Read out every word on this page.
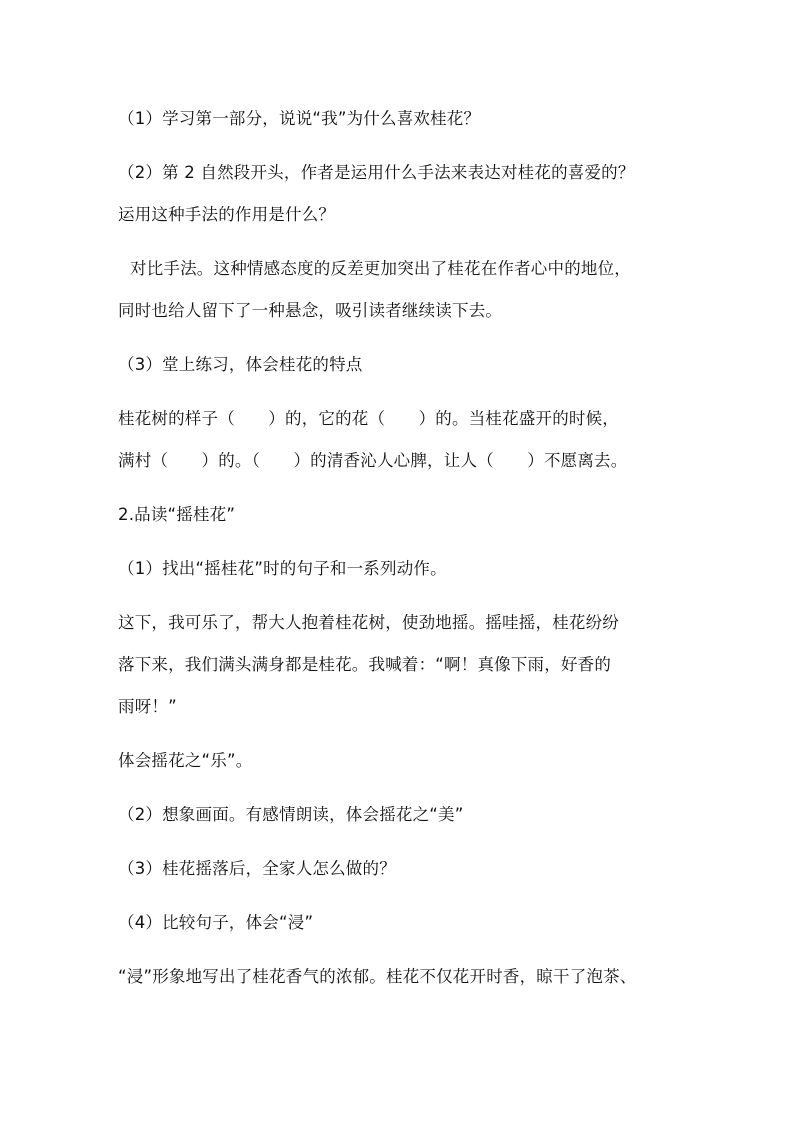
（1）学习第一部分，说说“我”为什么喜欢桂花？
（2）第 2 自然段开头，作者是运用什么手法来表达对桂花的喜爱的？
运用这种手法的作用是什么？
对比手法。这种情感态度的反差更加突出了桂花在作者心中的地位，
同时也给人留下了一种悬念，吸引读者继续读下去。
（3）堂上练习，体会桂花的特点
桂花树的样子（　　）的，它的花（　　）的。当桂花盛开的时候，
满村（　　）的。（　　）的清香沁人心脾，让人（　　）不愿离去。
2.品读“摇桂花”
（1）找出“摇桂花”时的句子和一系列动作。
这下，我可乐了，帮大人抱着桂花树，使劲地摇。摇哇摇，桂花纷纷
落下来，我们满头满身都是桂花。我喊着：“啊！真像下雨，好香的
雨呀！”
体会摇花之“乐”。
（2）想象画面。有感情朗读，体会摇花之“美”
（3）桂花摇落后，全家人怎么做的？
（4）比较句子，体会“浸”
“浸”形象地写出了桂花香气的浓郁。桂花不仅花开时香，晾干了泡茶、
